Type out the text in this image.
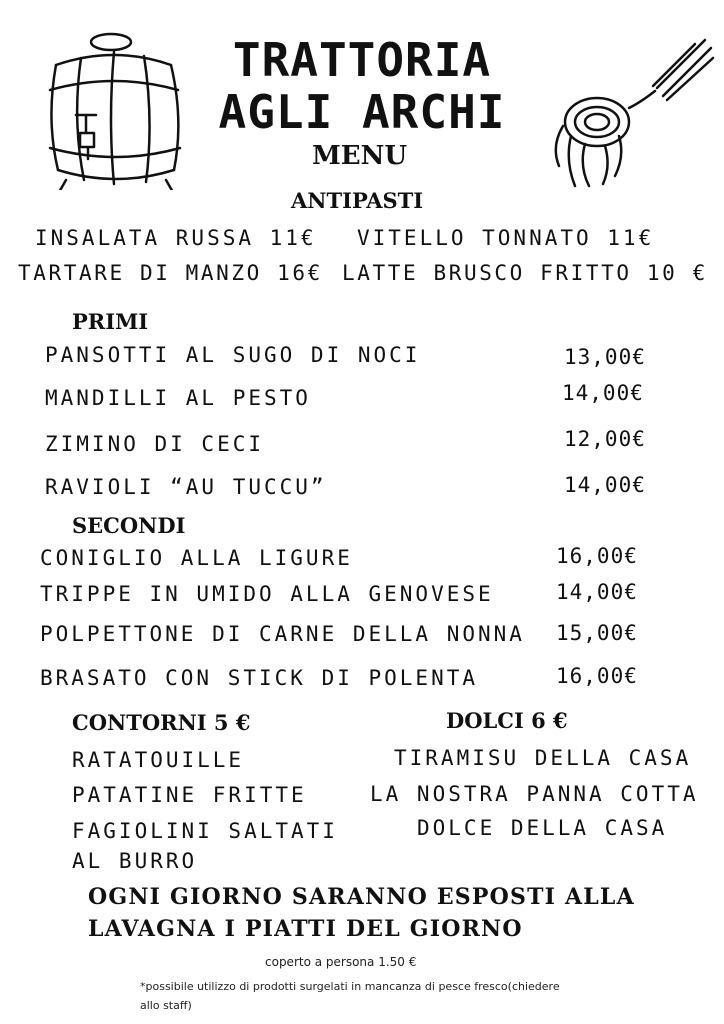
TRATTORIA
AGLI ARCHI
MENU
ANTIPASTI
INSALATA RUSSA 11€ VITELLO TONNATO 11€
TARTARE DI MANZO 16€ LATTE BRUSCO FRITTO 10 €
PRIMI
PANSOTTI AL SUGO DI NOCI	13,00€
MANDILLI AL PESTO	14,00€
ZIMINO DI CECI	12,00€
RAVIOLI “AU TUCCU”	14,00€
SECONDI
CONIGLIO ALLA LIGURE	16,00€
TRIPPE IN UMIDO ALLA GENOVESE	14,00€
POLPETTONE DI CARNE DELLA NONNA 15,00€
BRASATO CON STICK DI POLENTA	16,00€
CONTORNI 5 €
RATATOUILLE
PATATINE FRITTE
FAGIOLINI SALTATI
AL BURRO
DOLCI 6 €
TIRAMISU DELLA CASA
LA NOSTRA PANNA COTTA
DOLCE DELLA CASA
OGNI GIORNO SARANNO ESPOSTI ALLA
LAVAGNA I PIATTI DEL GIORNO
coperto a persona 1.50 €
*possibile utilizzo di prodotti surgelati in mancanza di pesce fresco(chiedere
allo staff)
